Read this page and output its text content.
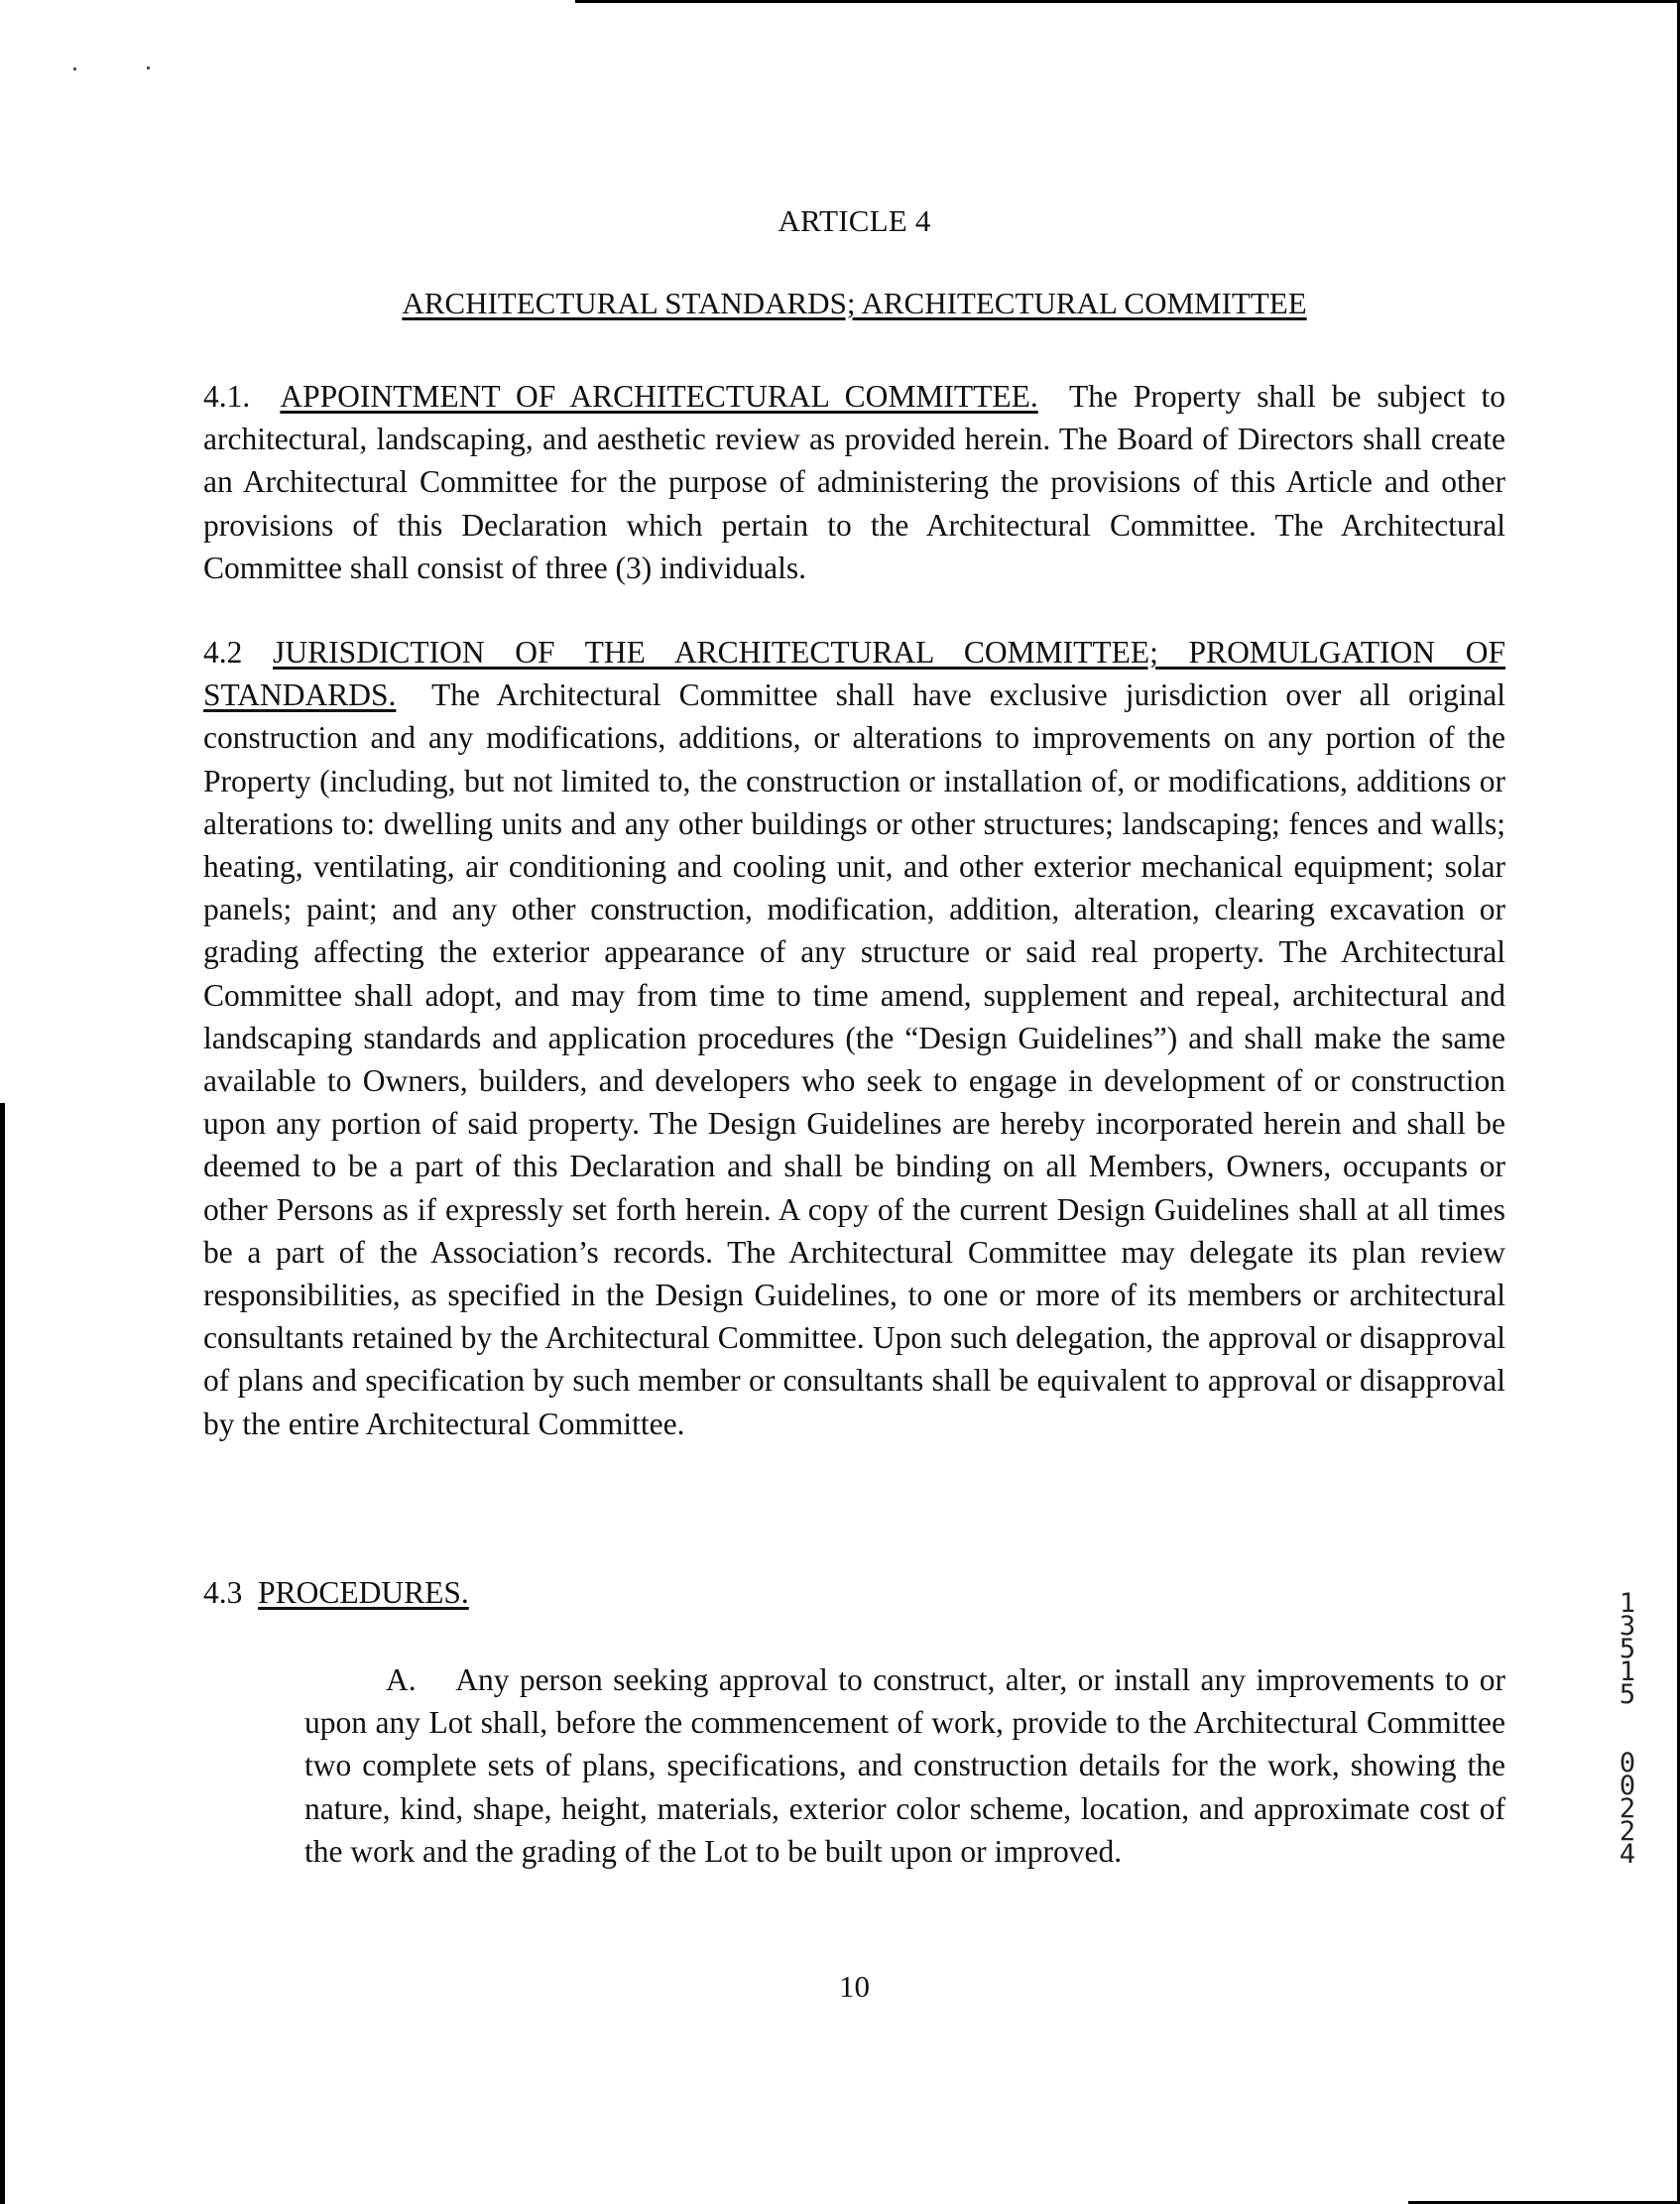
ARTICLE 4
ARCHITECTURAL STANDARDS; ARCHITECTURAL COMMITTEE
4.1. APPOINTMENT OF ARCHITECTURAL COMMITTEE. The Property shall be subject to architectural, landscaping, and aesthetic review as provided herein. The Board of Directors shall create an Architectural Committee for the purpose of administering the provisions of this Article and other provisions of this Declaration which pertain to the Architectural Committee. The Architectural Committee shall consist of three (3) individuals.
4.2 JURISDICTION OF THE ARCHITECTURAL COMMITTEE; PROMULGATION OF STANDARDS. The Architectural Committee shall have exclusive jurisdiction over all original construction and any modifications, additions, or alterations to improvements on any portion of the Property (including, but not limited to, the construction or installation of, or modifications, additions or alterations to: dwelling units and any other buildings or other structures; landscaping; fences and walls; heating, ventilating, air conditioning and cooling unit, and other exterior mechanical equipment; solar panels; paint; and any other construction, modification, addition, alteration, clearing excavation or grading affecting the exterior appearance of any structure or said real property. The Architectural Committee shall adopt, and may from time to time amend, supplement and repeal, architectural and landscaping standards and application procedures (the “Design Guidelines”) and shall make the same available to Owners, builders, and developers who seek to engage in development of or construction upon any portion of said property. The Design Guidelines are hereby incorporated herein and shall be deemed to be a part of this Declaration and shall be binding on all Members, Owners, occupants or other Persons as if expressly set forth herein. A copy of the current Design Guidelines shall at all times be a part of the Association’s records. The Architectural Committee may delegate its plan review responsibilities, as specified in the Design Guidelines, to one or more of its members or architectural consultants retained by the Architectural Committee. Upon such delegation, the approval or disapproval of plans and specification by such member or consultants shall be equivalent to approval or disapproval by the entire Architectural Committee.
4.3 PROCEDURES.
A. Any person seeking approval to construct, alter, or install any improvements to or upon any Lot shall, before the commencement of work, provide to the Architectural Committee two complete sets of plans, specifications, and construction details for the work, showing the nature, kind, shape, height, materials, exterior color scheme, location, and approximate cost of the work and the grading of the Lot to be built upon or improved.
10
1
3
5
1
5
0
0
2
2
4
